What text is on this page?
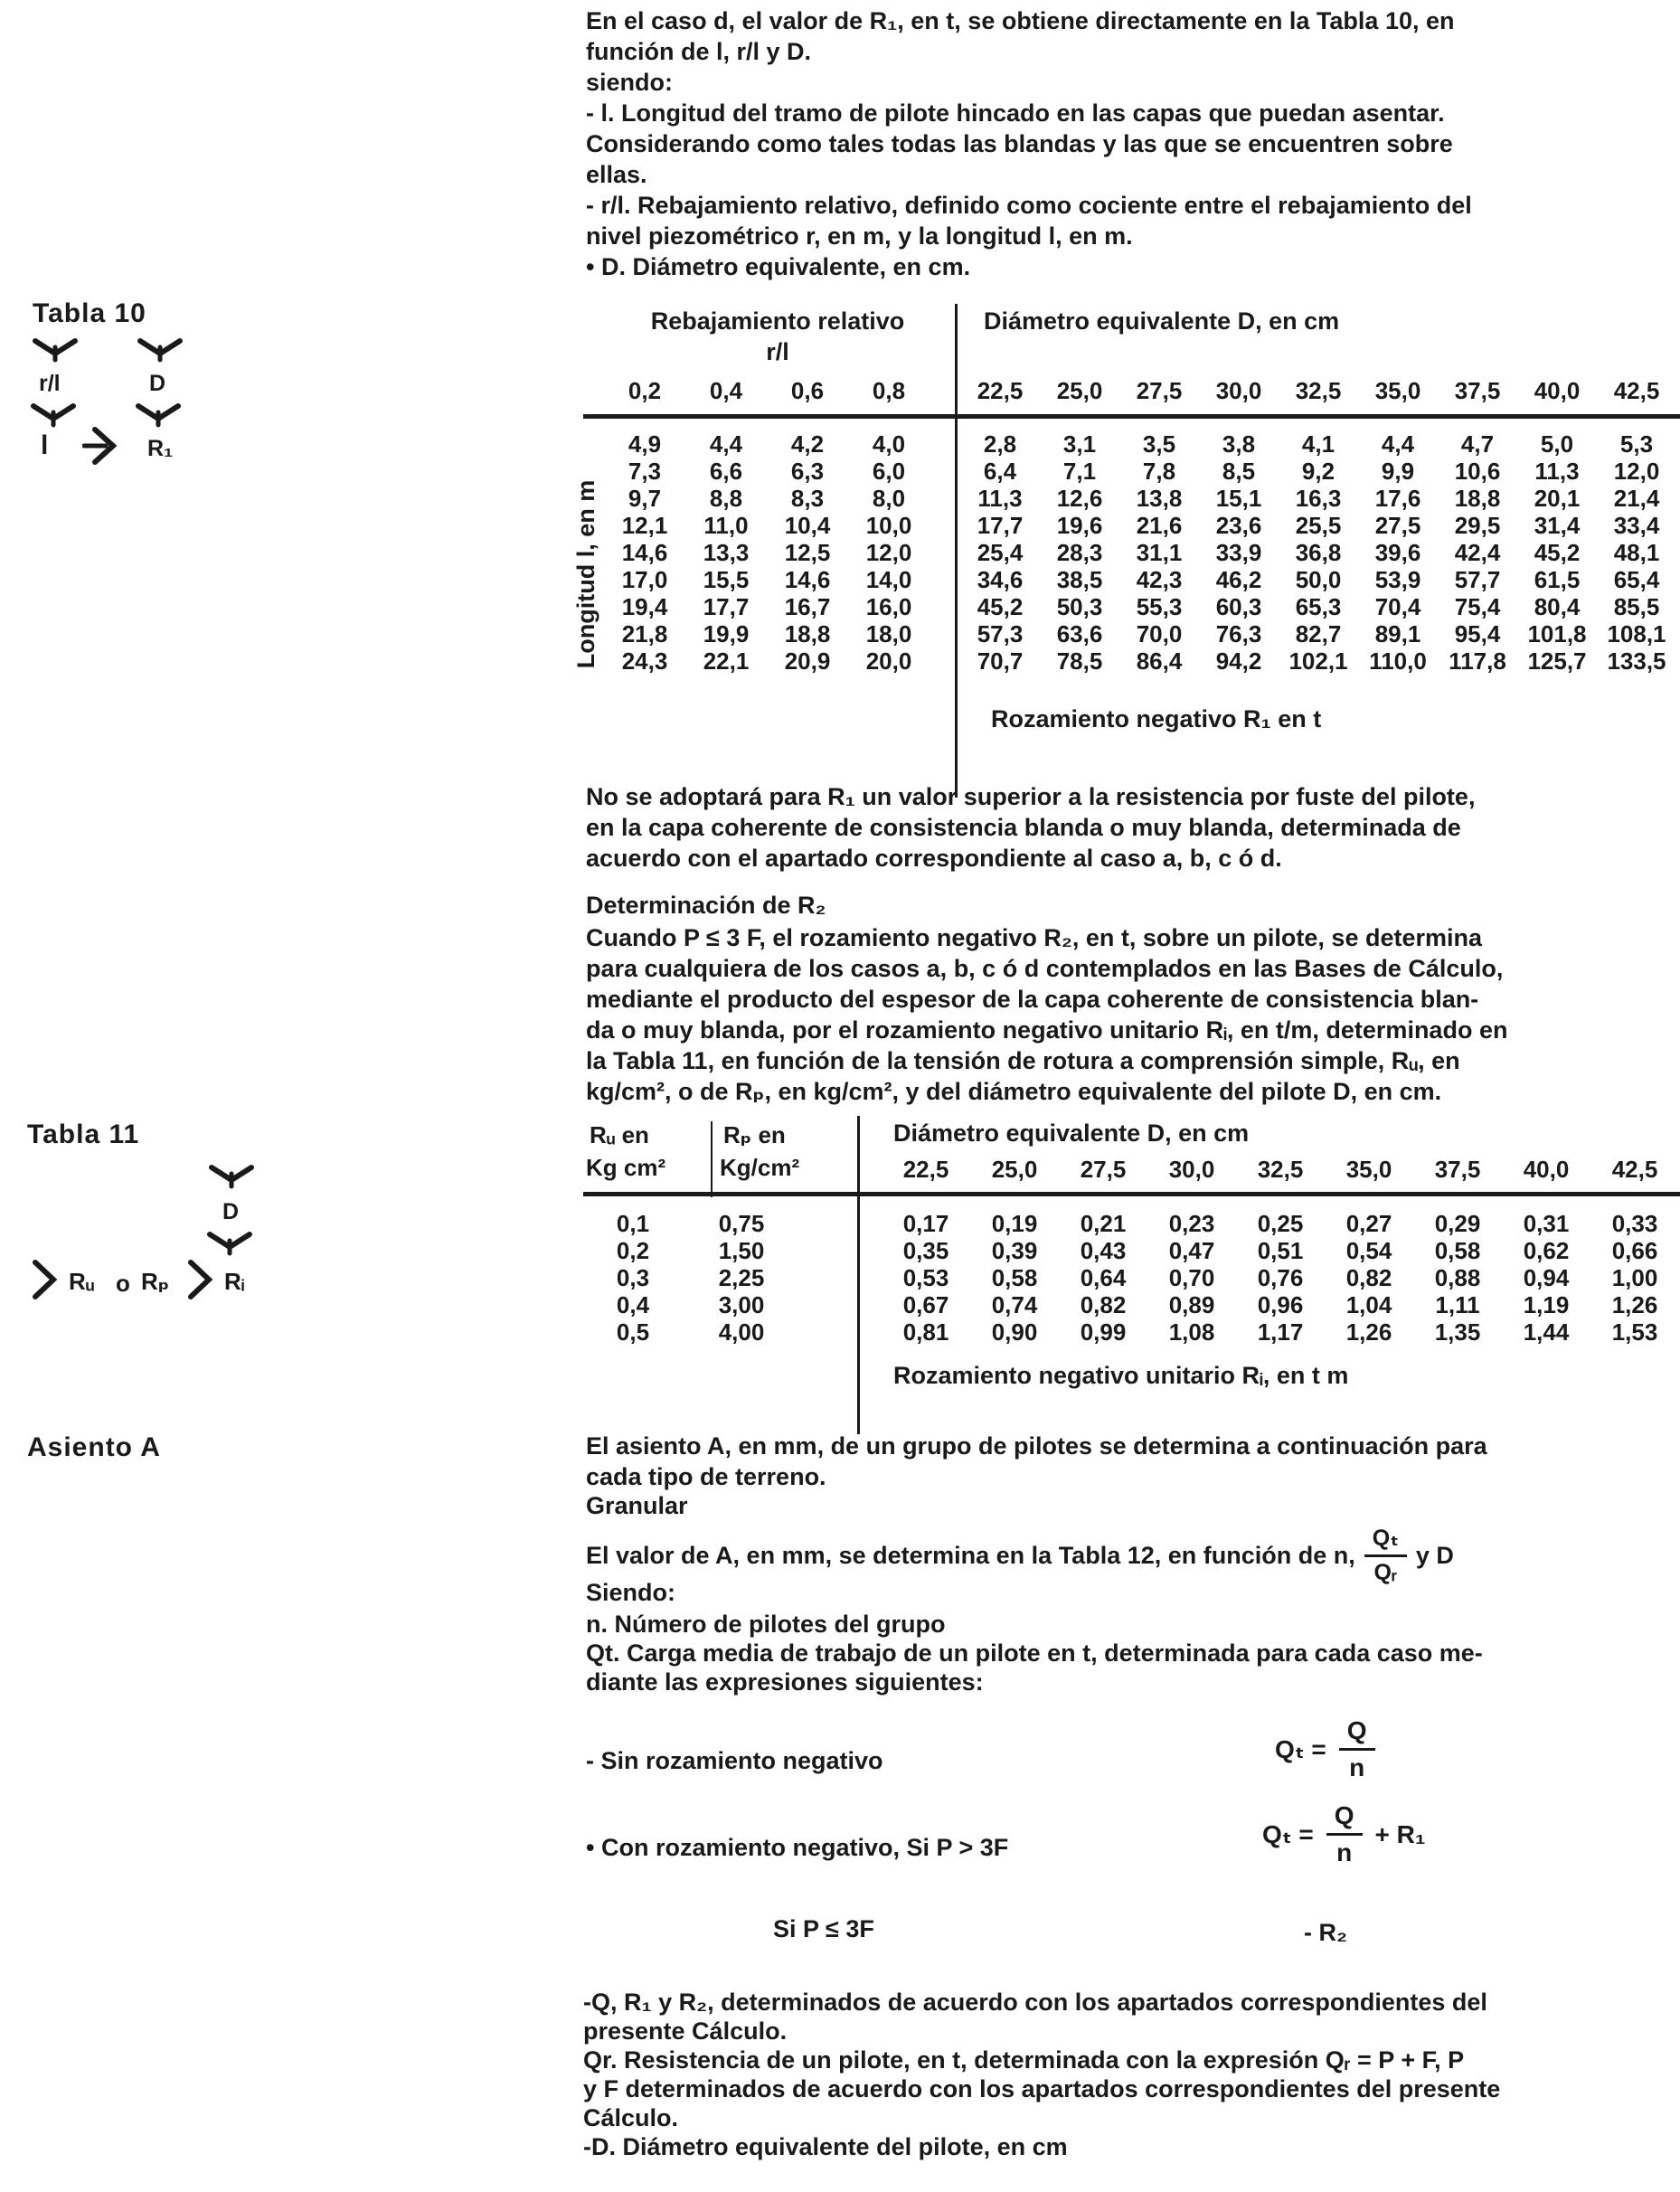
En el caso d, el valor de R₁, en t, se obtiene directamente en la Tabla 10, en
función de l, r/l y D.
siendo:
- l. Longitud del tramo de pilote hincado en las capas que puedan asentar.
Considerando como tales todas las blandas y las que se encuentren sobre
ellas.
- r/l. Rebajamiento relativo, definido como cociente entre el rebajamiento del
nivel piezométrico r, en m, y la longitud l, en m.
• D. Diámetro equivalente, en cm.
Tabla 10
r/l	D
l	R₁
Rebajamiento relativo
r/l
Diámetro equivalente D, en cm
0,2	0,4	0,6	0,8	22,5	25,0	27,5	30,0	32,5	35,0	37,5	40,0	42,5
4,9	4,4	4,2	4,0	2,8	3,1	3,5	3,8	4,1	4,4	4,7	5,0	5,3
7,3	6,6	6,3	6,0	6,4	7,1	7,8	8,5	9,2	9,9	10,6	11,3	12,0
9,7	8,8	8,3	8,0	11,3	12,6	13,8	15,1	16,3	17,6	18,8	20,1	21,4
12,1	11,0	10,4	10,0	17,7	19,6	21,6	23,6	25,5	27,5	29,5	31,4	33,4
14,6	13,3	12,5	12,0	25,4	28,3	31,1	33,9	36,8	39,6	42,4	45,2	48,1
17,0	15,5	14,6	14,0	34,6	38,5	42,3	46,2	50,0	53,9	57,7	61,5	65,4
19,4	17,7	16,7	16,0	45,2	50,3	55,3	60,3	65,3	70,4	75,4	80,4	85,5
21,8	19,9	18,8	18,0	57,3	63,6	70,0	76,3	82,7	89,1	95,4	101,8 108,1
24,3	22,1	20,9	20,0	70,7	78,5	86,4	94,2	102,1 110,0 117,8 125,7 133,5
Longitud l, en m
Rozamiento negativo R₁ en t
No se adoptará para R₁ un valor superior a la resistencia por fuste del pilote,
en la capa coherente de consistencia blanda o muy blanda, determinada de
acuerdo con el apartado correspondiente al caso a, b, c ó d.
Determinación de R₂
Cuando P ≤ 3 F, el rozamiento negativo R₂, en t, sobre un pilote, se determina
para cualquiera de los casos a, b, c ó d contemplados en las Bases de Cálculo,
mediante el producto del espesor de la capa coherente de consistencia blan-
da o muy blanda, por el rozamiento negativo unitario Rᵢ, en t/m, determinado en
la Tabla 11, en función de la tensión de rotura a comprensión simple, Rᵤ, en
kg/cm², o de Rₚ, en kg/cm², y del diámetro equivalente del pilote D, en cm.
Tabla 11
D
Rᵤ o Rₚ Rᵢ
Rᵤ en
Kg cm²
Rₚ en
Kg/cm²
Diámetro equivalente D, en cm
22,5	25,0	27,5	30,0	32,5	35,0	37,5	40,0	42,5
0,1	0,75	0,17	0,19	0,21	0,23	0,25	0,27	0,29	0,31	0,33
0,2	1,50	0,35	0,39	0,43	0,47	0,51	0,54	0,58	0,62	0,66
0,3	2,25	0,53	0,58	0,64	0,70	0,76	0,82	0,88	0,94	1,00
0,4	3,00	0,67	0,74	0,82	0,89	0,96	1,04	1,11	1,19	1,26
0,5	4,00	0,81	0,90	0,99	1,08	1,17	1,26	1,35	1,44	1,53
Rozamiento negativo unitario Rᵢ, en t m
Asiento A	El asiento A, en mm, de un grupo de pilotes se determina a continuación para
cada tipo de terreno.
Granular
El valor de A, en mm, se determina en la Tabla 12, en función de n, $\frac{\text{Qₜ}}{\text{Qᵣ}}$ y D
Siendo:
n. Número de pilotes del grupo
Qt. Carga media de trabajo de un pilote en t, determinada para cada caso me-
diante las expresiones siguientes:
- Sin rozamiento negativo	$Q_t = \frac{Q}{n}$
• Con rozamiento negativo, Si P > 3F	$Q_t = \frac{Q}{n} + R_1$
Si P ≤ 3F	- R₂
-Q, R₁ y R₂, determinados de acuerdo con los apartados correspondientes del
presente Cálculo.
Qr. Resistencia de un pilote, en t, determinada con la expresión Qᵣ = P + F, P
y F determinados de acuerdo con los apartados correspondientes del presente
Cálculo.
-D. Diámetro equivalente del pilote, en cm
